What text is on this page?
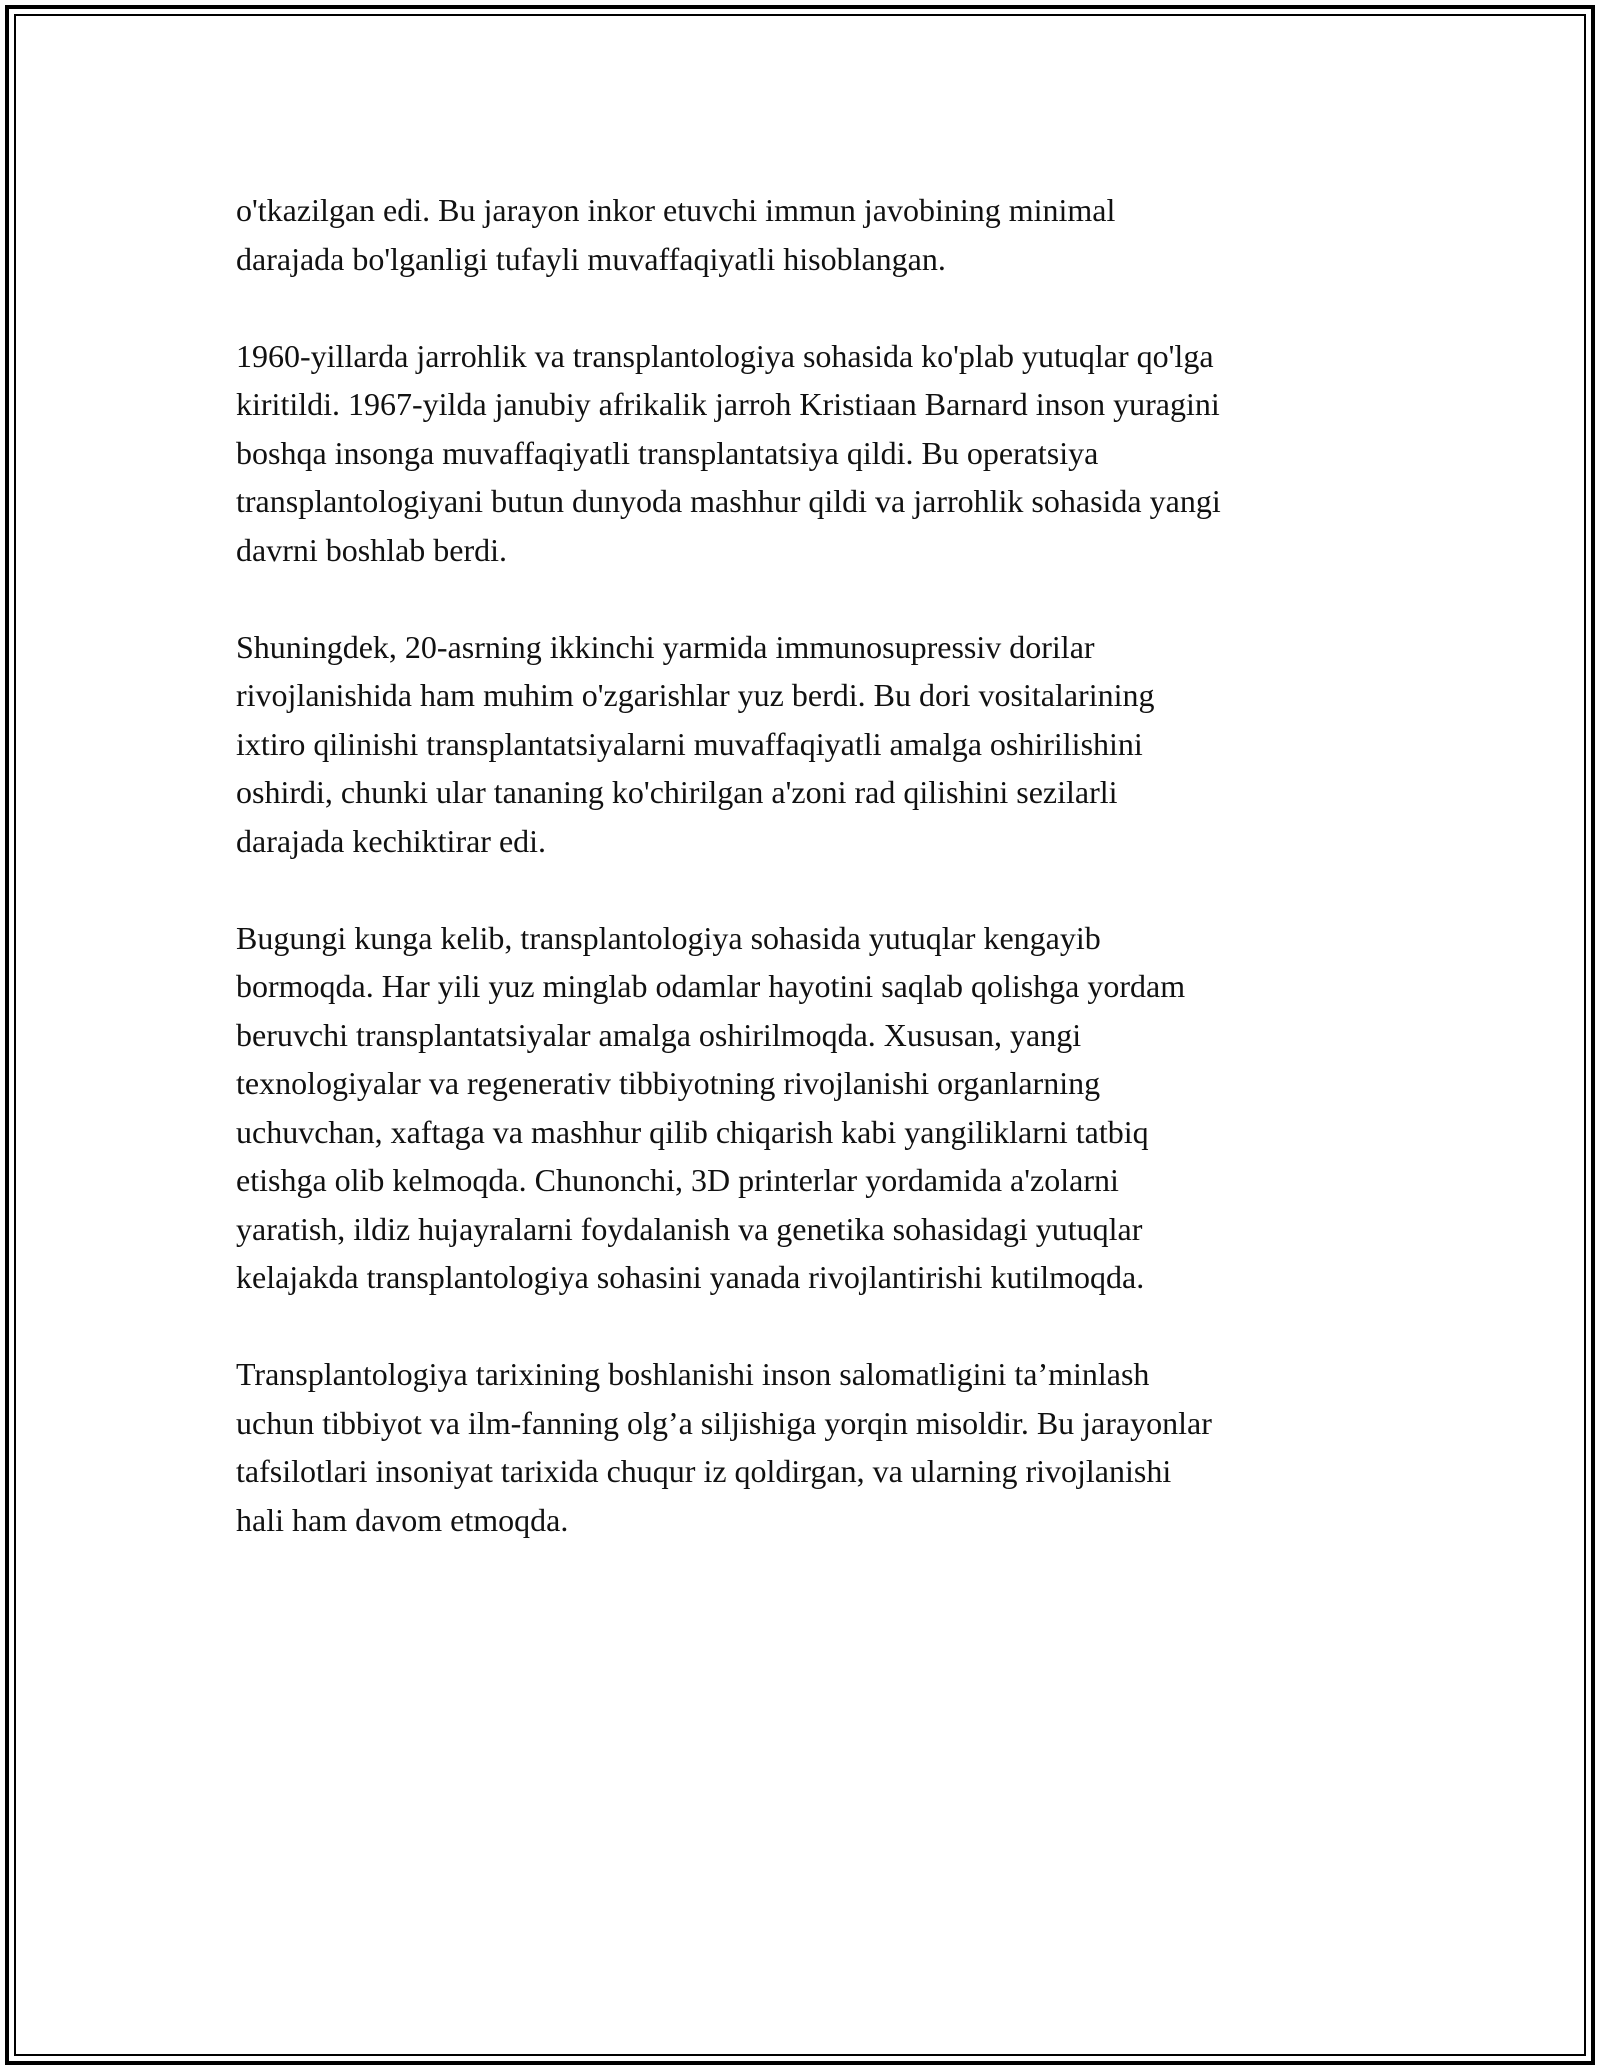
o'tkazilgan edi. Bu jarayon inkor etuvchi immun javobining minimal
darajada bo'lganligi tufayli muvaffaqiyatli hisoblangan.

1960-yillarda jarrohlik va transplantologiya sohasida ko'plab yutuqlar qo'lga
kiritildi. 1967-yilda janubiy afrikalik jarroh Kristiaan Barnard inson yuragini
boshqa insonga muvaffaqiyatli transplantatsiya qildi. Bu operatsiya
transplantologiyani butun dunyoda mashhur qildi va jarrohlik sohasida yangi
davrni boshlab berdi.

Shuningdek, 20-asrning ikkinchi yarmida immunosupressiv dorilar
rivojlanishida ham muhim o'zgarishlar yuz berdi. Bu dori vositalarining
ixtiro qilinishi transplantatsiyalarni muvaffaqiyatli amalga oshirilishini
oshirdi, chunki ular tananing ko'chirilgan a'zoni rad qilishini sezilarli
darajada kechiktirar edi.

Bugungi kunga kelib, transplantologiya sohasida yutuqlar kengayib
bormoqda. Har yili yuz minglab odamlar hayotini saqlab qolishga yordam
beruvchi transplantatsiyalar amalga oshirilmoqda. Xususan, yangi
texnologiyalar va regenerativ tibbiyotning rivojlanishi organlarning
uchuvchan, xaftaga va mashhur qilib chiqarish kabi yangiliklarni tatbiq
etishga olib kelmoqda. Chunonchi, 3D printerlar yordamida a'zolarni
yaratish, ildiz hujayralarni foydalanish va genetika sohasidagi yutuqlar
kelajakda transplantologiya sohasini yanada rivojlantirishi kutilmoqda.

Transplantologiya tarixining boshlanishi inson salomatligini ta’minlash
uchun tibbiyot va ilm-fanning olg’a siljishiga yorqin misoldir. Bu jarayonlar
tafsilotlari insoniyat tarixida chuqur iz qoldirgan, va ularning rivojlanishi
hali ham davom etmoqda.
